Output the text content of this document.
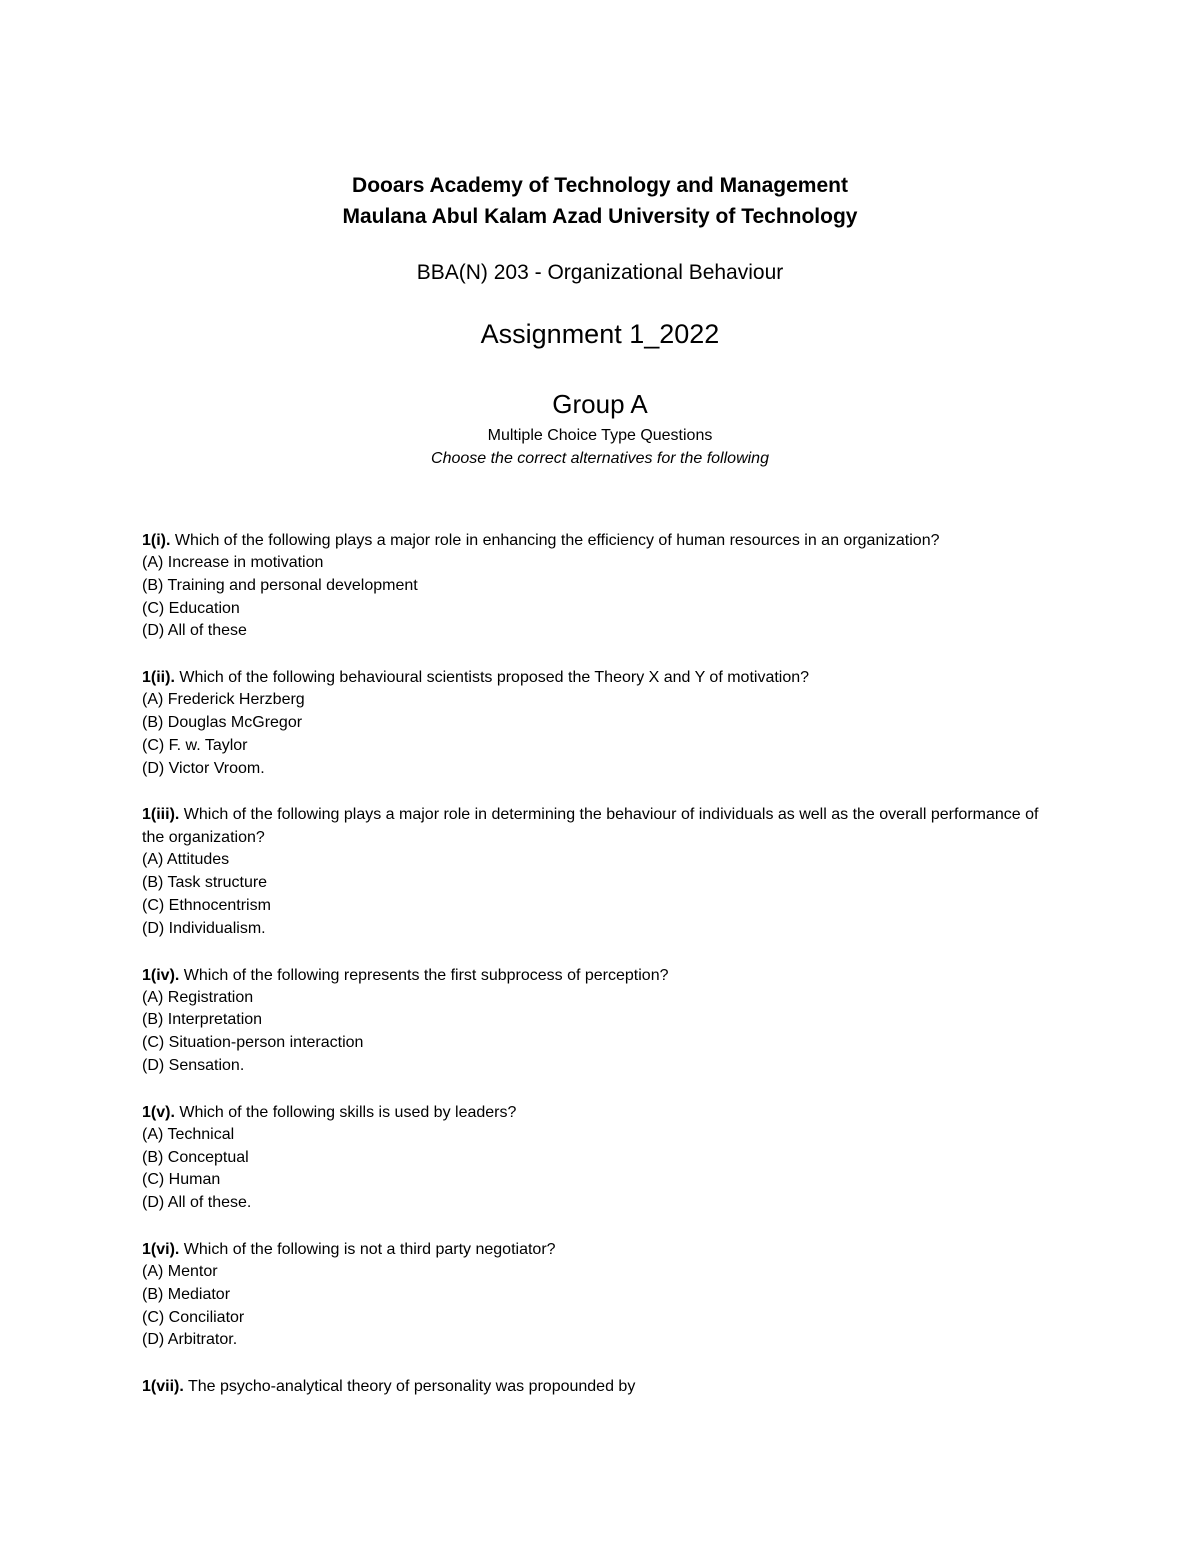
Dooars Academy of Technology and Management
Maulana Abul Kalam Azad University of Technology
BBA(N) 203 - Organizational Behaviour
Assignment 1_2022
Group A
Multiple Choice Type Questions
Choose the correct alternatives for the following
1(i). Which of the following plays a major role in enhancing the efficiency of human resources in an organization?
(A) Increase in motivation
(B) Training and personal development
(C) Education
(D) All of these
1(ii). Which of the following behavioural scientists proposed the Theory X and Y of motivation?
(A) Frederick Herzberg
(B) Douglas McGregor
(C) F. w. Taylor
(D) Victor Vroom.
1(iii). Which of the following plays a major role in determining the behaviour of individuals as well as the overall performance of the organization?
(A) Attitudes
(B) Task structure
(C) Ethnocentrism
(D) Individualism.
1(iv). Which of the following represents the first subprocess of perception?
(A) Registration
(B) Interpretation
(C) Situation-person interaction
(D) Sensation.
1(v). Which of the following skills is used by leaders?
(A) Technical
(B) Conceptual
(C) Human
(D) All of these.
1(vi). Which of the following is not a third party negotiator?
(A) Mentor
(B) Mediator
(C) Conciliator
(D) Arbitrator.
1(vii). The psycho-analytical theory of personality was propounded by
